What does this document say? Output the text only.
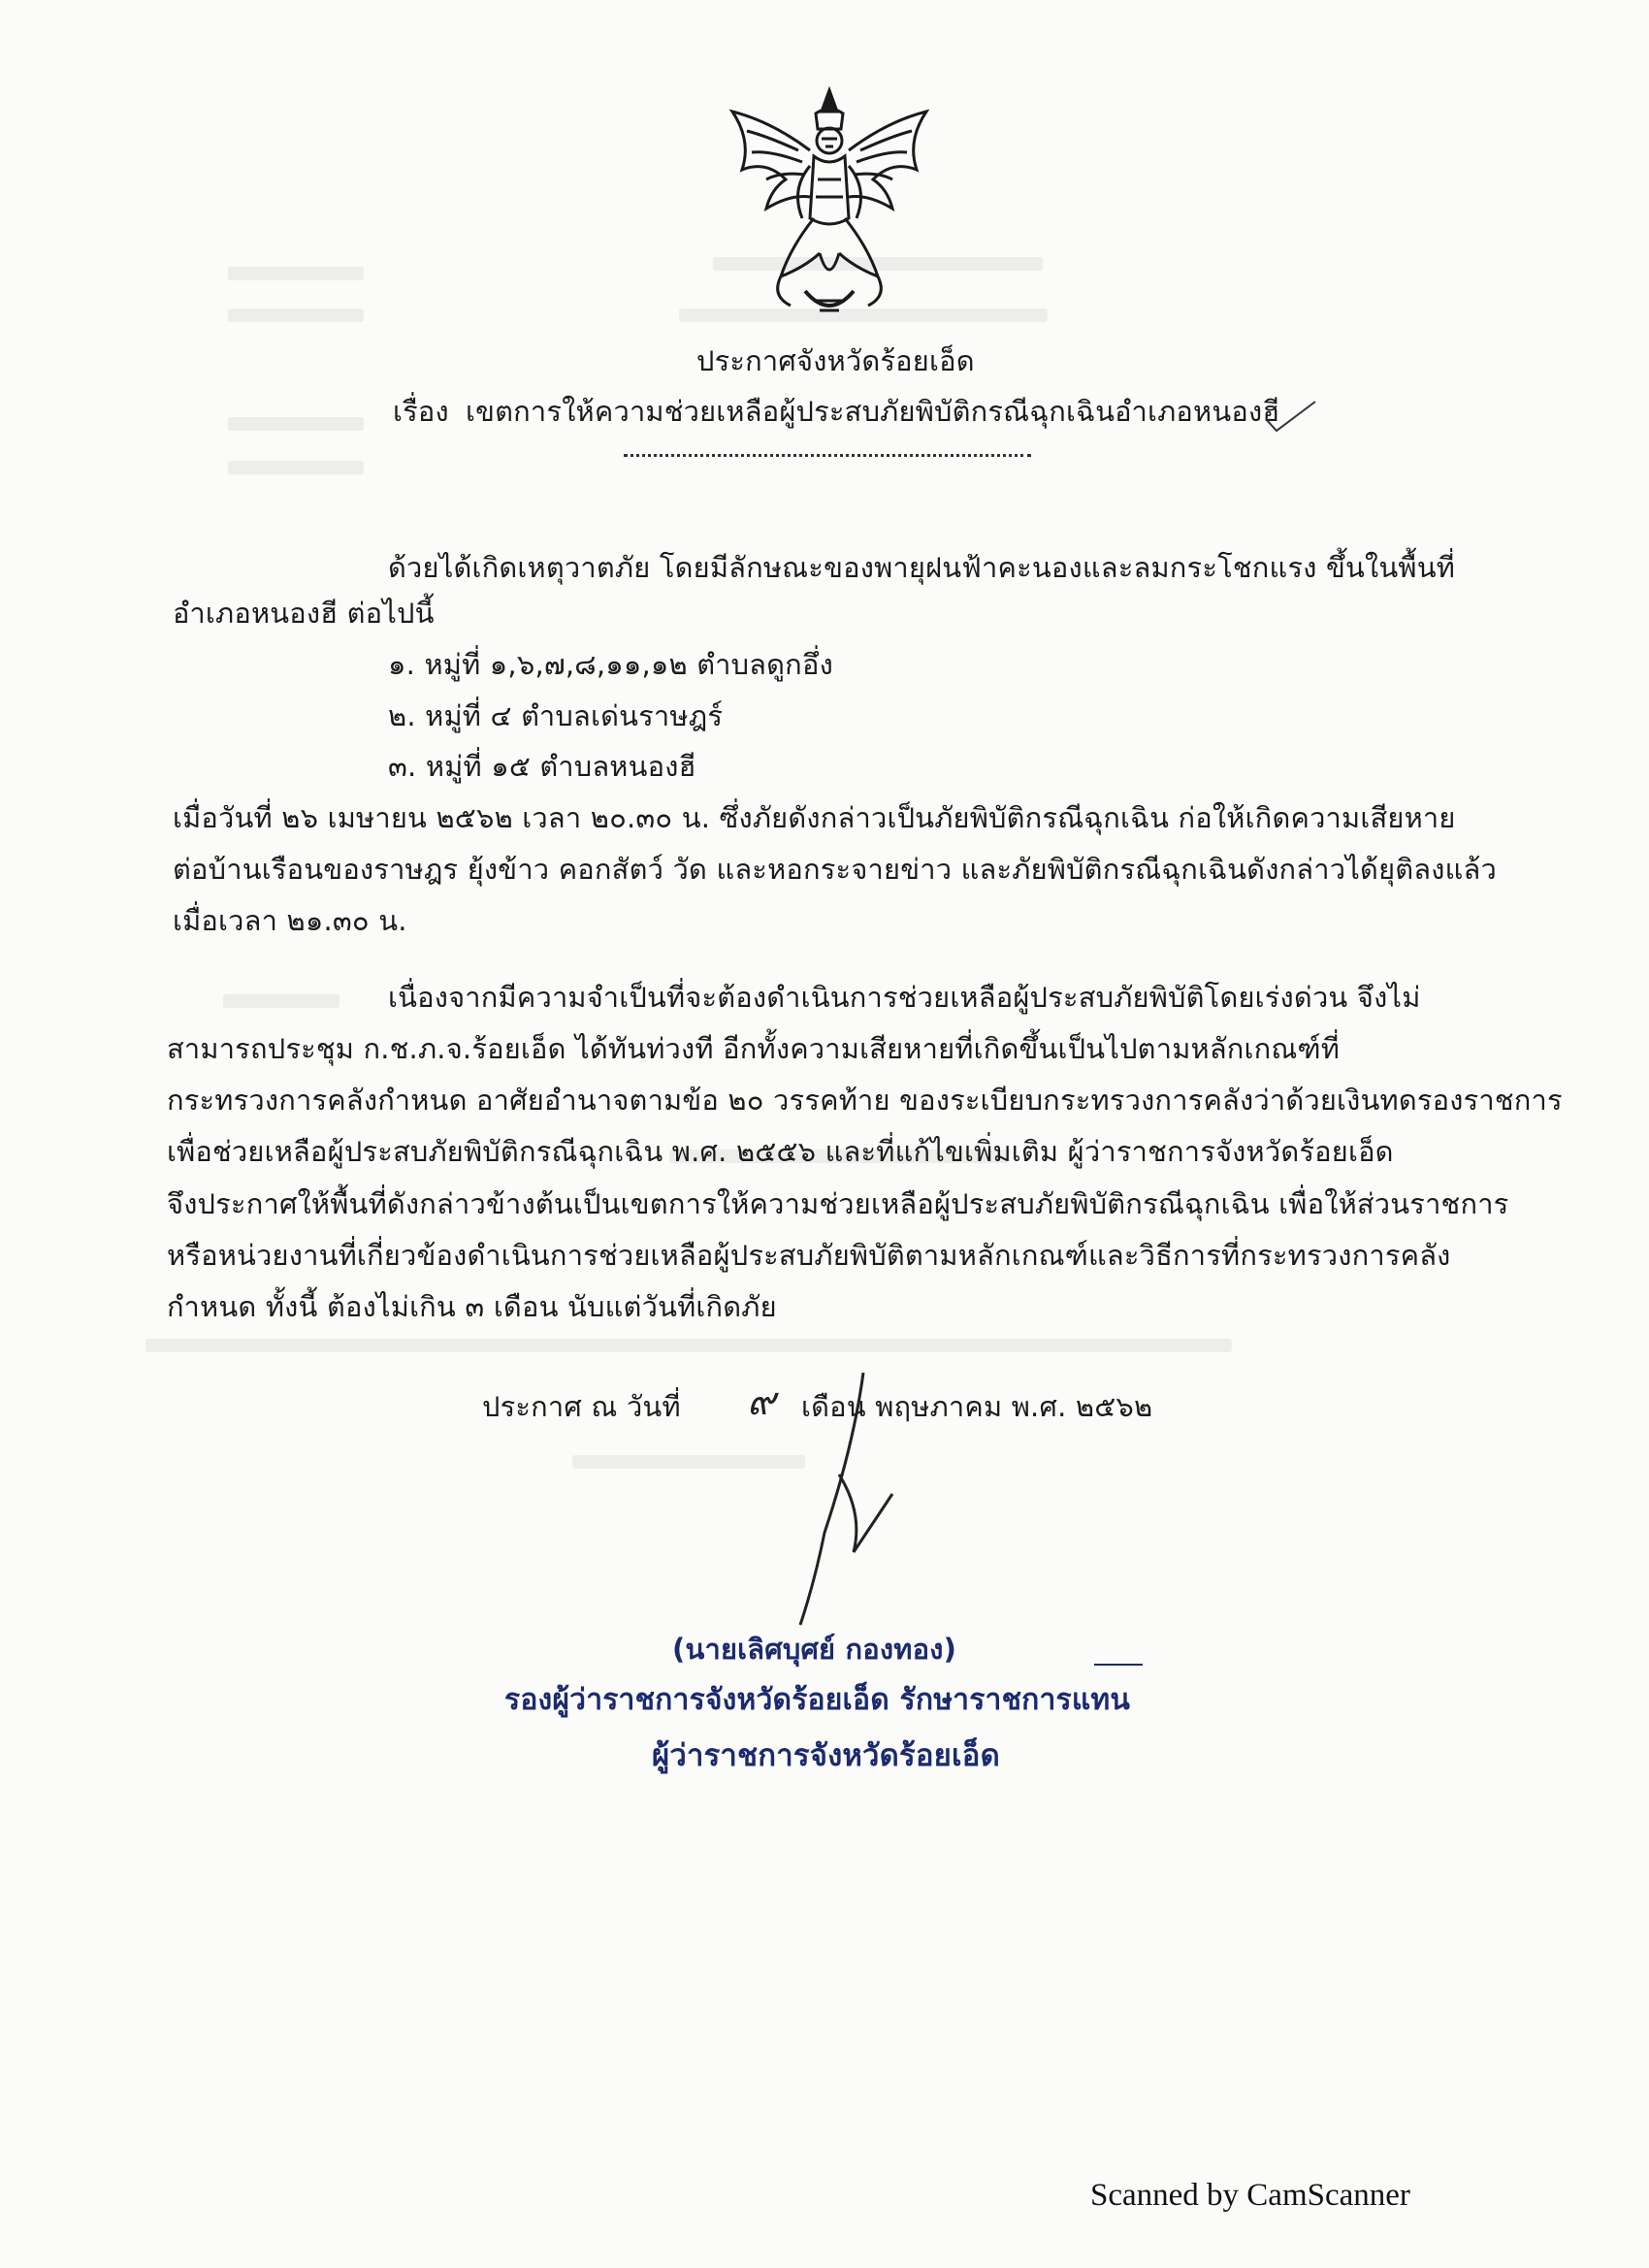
ประกาศจังหวัดร้อยเอ็ด
เรื่อง เขตการให้ความช่วยเหลือผู้ประสบภัยพิบัติกรณีฉุกเฉินอำเภอหนองฮี
ด้วยได้เกิดเหตุวาตภัย โดยมีลักษณะของพายุฝนฟ้าคะนองและลมกระโชกแรง ขึ้นในพื้นที่
อำเภอหนองฮี ต่อไปนี้
๑. หมู่ที่ ๑,๖,๗,๘,๑๑,๑๒ ตำบลดูกอึ่ง
๒. หมู่ที่ ๔ ตำบลเด่นราษฎร์
๓. หมู่ที่ ๑๕ ตำบลหนองฮี
เมื่อวันที่ ๒๖ เมษายน ๒๕๖๒ เวลา ๒๐.๓๐ น. ซึ่งภัยดังกล่าวเป็นภัยพิบัติกรณีฉุกเฉิน ก่อให้เกิดความเสียหาย
ต่อบ้านเรือนของราษฎร ยุ้งข้าว คอกสัตว์ วัด และหอกระจายข่าว และภัยพิบัติกรณีฉุกเฉินดังกล่าวได้ยุติลงแล้ว
เมื่อเวลา ๒๑.๓๐ น.
เนื่องจากมีความจำเป็นที่จะต้องดำเนินการช่วยเหลือผู้ประสบภัยพิบัติโดยเร่งด่วน จึงไม่
สามารถประชุม ก.ช.ภ.จ.ร้อยเอ็ด ได้ทันท่วงที อีกทั้งความเสียหายที่เกิดขึ้นเป็นไปตามหลักเกณฑ์ที่
กระทรวงการคลังกำหนด อาศัยอำนาจตามข้อ ๒๐ วรรคท้าย ของระเบียบกระทรวงการคลังว่าด้วยเงินทดรองราชการ
เพื่อช่วยเหลือผู้ประสบภัยพิบัติกรณีฉุกเฉิน พ.ศ. ๒๕๕๖ และที่แก้ไขเพิ่มเติม ผู้ว่าราชการจังหวัดร้อยเอ็ด
จึงประกาศให้พื้นที่ดังกล่าวข้างต้นเป็นเขตการให้ความช่วยเหลือผู้ประสบภัยพิบัติกรณีฉุกเฉิน เพื่อให้ส่วนราชการ
หรือหน่วยงานที่เกี่ยวข้องดำเนินการช่วยเหลือผู้ประสบภัยพิบัติตามหลักเกณฑ์และวิธีการที่กระทรวงการคลัง
กำหนด ทั้งนี้ ต้องไม่เกิน ๓ เดือน นับแต่วันที่เกิดภัย
ประกาศ ณ วันที่ ๙ เดือน พฤษภาคม พ.ศ. ๒๕๖๒
(นายเลิศบุศย์ กองทอง)
รองผู้ว่าราชการจังหวัดร้อยเอ็ด รักษาราชการแทน
ผู้ว่าราชการจังหวัดร้อยเอ็ด
Scanned by CamScanner
